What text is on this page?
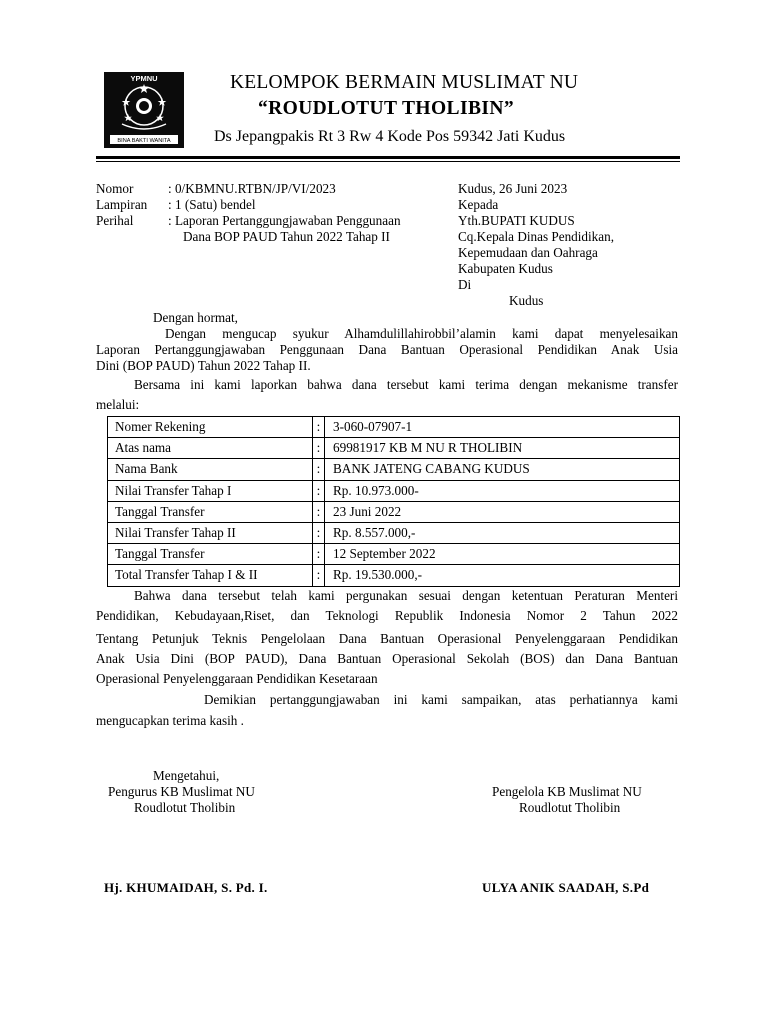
YPMNU
BINA BAKTI WANITA
KELOMPOK BERMAIN MUSLIMAT NU
“ROUDLOTUT THOLIBIN”
Ds Jepangpakis Rt 3 Rw 4 Kode Pos 59342 Jati Kudus
Nomor	: 0/KBMNU.RTBN/JP/VI/2023
Lampiran : 1 (Satu) bendel
Perihal	: Laporan Pertanggungjawaban Penggunaan
Dana BOP PAUD Tahun 2022 Tahap II
Kudus, 26 Juni 2023
Kepada
Yth.BUPATI KUDUS
Cq.Kepala Dinas Pendidikan,
Kepemudaan dan Oahraga
Kabupaten Kudus
Di
Kudus
Dengan hormat,
Dengan mengucap syukur Alhamdulillahirobbil’alamin kami dapat menyelesaikan
Laporan Pertanggungjawaban Penggunaan Dana Bantuan Operasional Pendidikan Anak Usia
Dini (BOP PAUD) Tahun 2022 Tahap II.
Bersama ini kami laporkan bahwa dana tersebut kami terima dengan mekanisme transfer
melalui:
Nomer Rekening	:	3-060-07907-1
Atas nama	:	69981917 KB M NU R THOLIBIN
Nama Bank	:	BANK JATENG CABANG KUDUS
Nilai Transfer Tahap I	:	Rp. 10.973.000-
Tanggal Transfer	:	23 Juni 2022
Nilai Transfer Tahap II	:	Rp. 8.557.000,-
Tanggal Transfer	:	12 September 2022
Total Transfer Tahap I & II	:	Rp. 19.530.000,-
Bahwa dana tersebut telah kami pergunakan sesuai dengan ketentuan Peraturan Menteri
Pendidikan, Kebudayaan,Riset, dan Teknologi Republik Indonesia Nomor 2 Tahun 2022
Tentang Petunjuk Teknis Pengelolaan Dana Bantuan Operasional Penyelenggaraan Pendidikan
Anak Usia Dini (BOP PAUD), Dana Bantuan Operasional Sekolah (BOS) dan Dana Bantuan
Operasional Penyelenggaraan Pendidikan Kesetaraan
Demikian pertanggungjawaban ini kami sampaikan, atas perhatiannya kami
mengucapkan terima kasih .
Mengetahui,
Pengurus KB Muslimat NU
Roudlotut Tholibin
Pengelola KB Muslimat NU
Roudlotut Tholibin
Hj. KHUMAIDAH, S. Pd. I.	ULYA ANIK SAADAH, S.Pd
